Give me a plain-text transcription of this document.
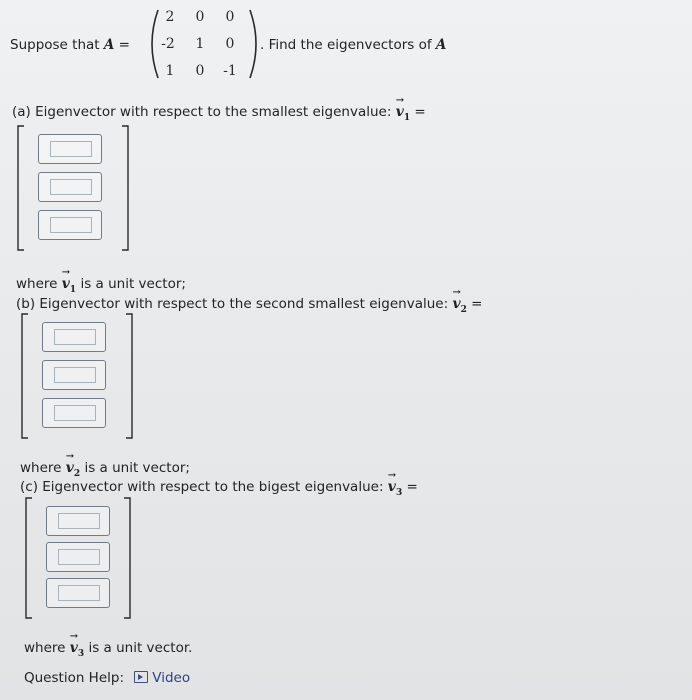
Suppose that A =
2	0	0
-2	1	0
1	0	-1
. Find the eigenvectors of A
(a) Eigenvector with respect to the smallest eigenvalue: → $v_1$ =
where → $v_1$ is a unit vector;
(b) Eigenvector with respect to the second smallest eigenvalue: → $v_2$ =
where → $v_2$ is a unit vector;
(c) Eigenvector with respect to the bigest eigenvalue: → $v_3$ =
where → $v_3$ is a unit vector.
Question Help: Video
